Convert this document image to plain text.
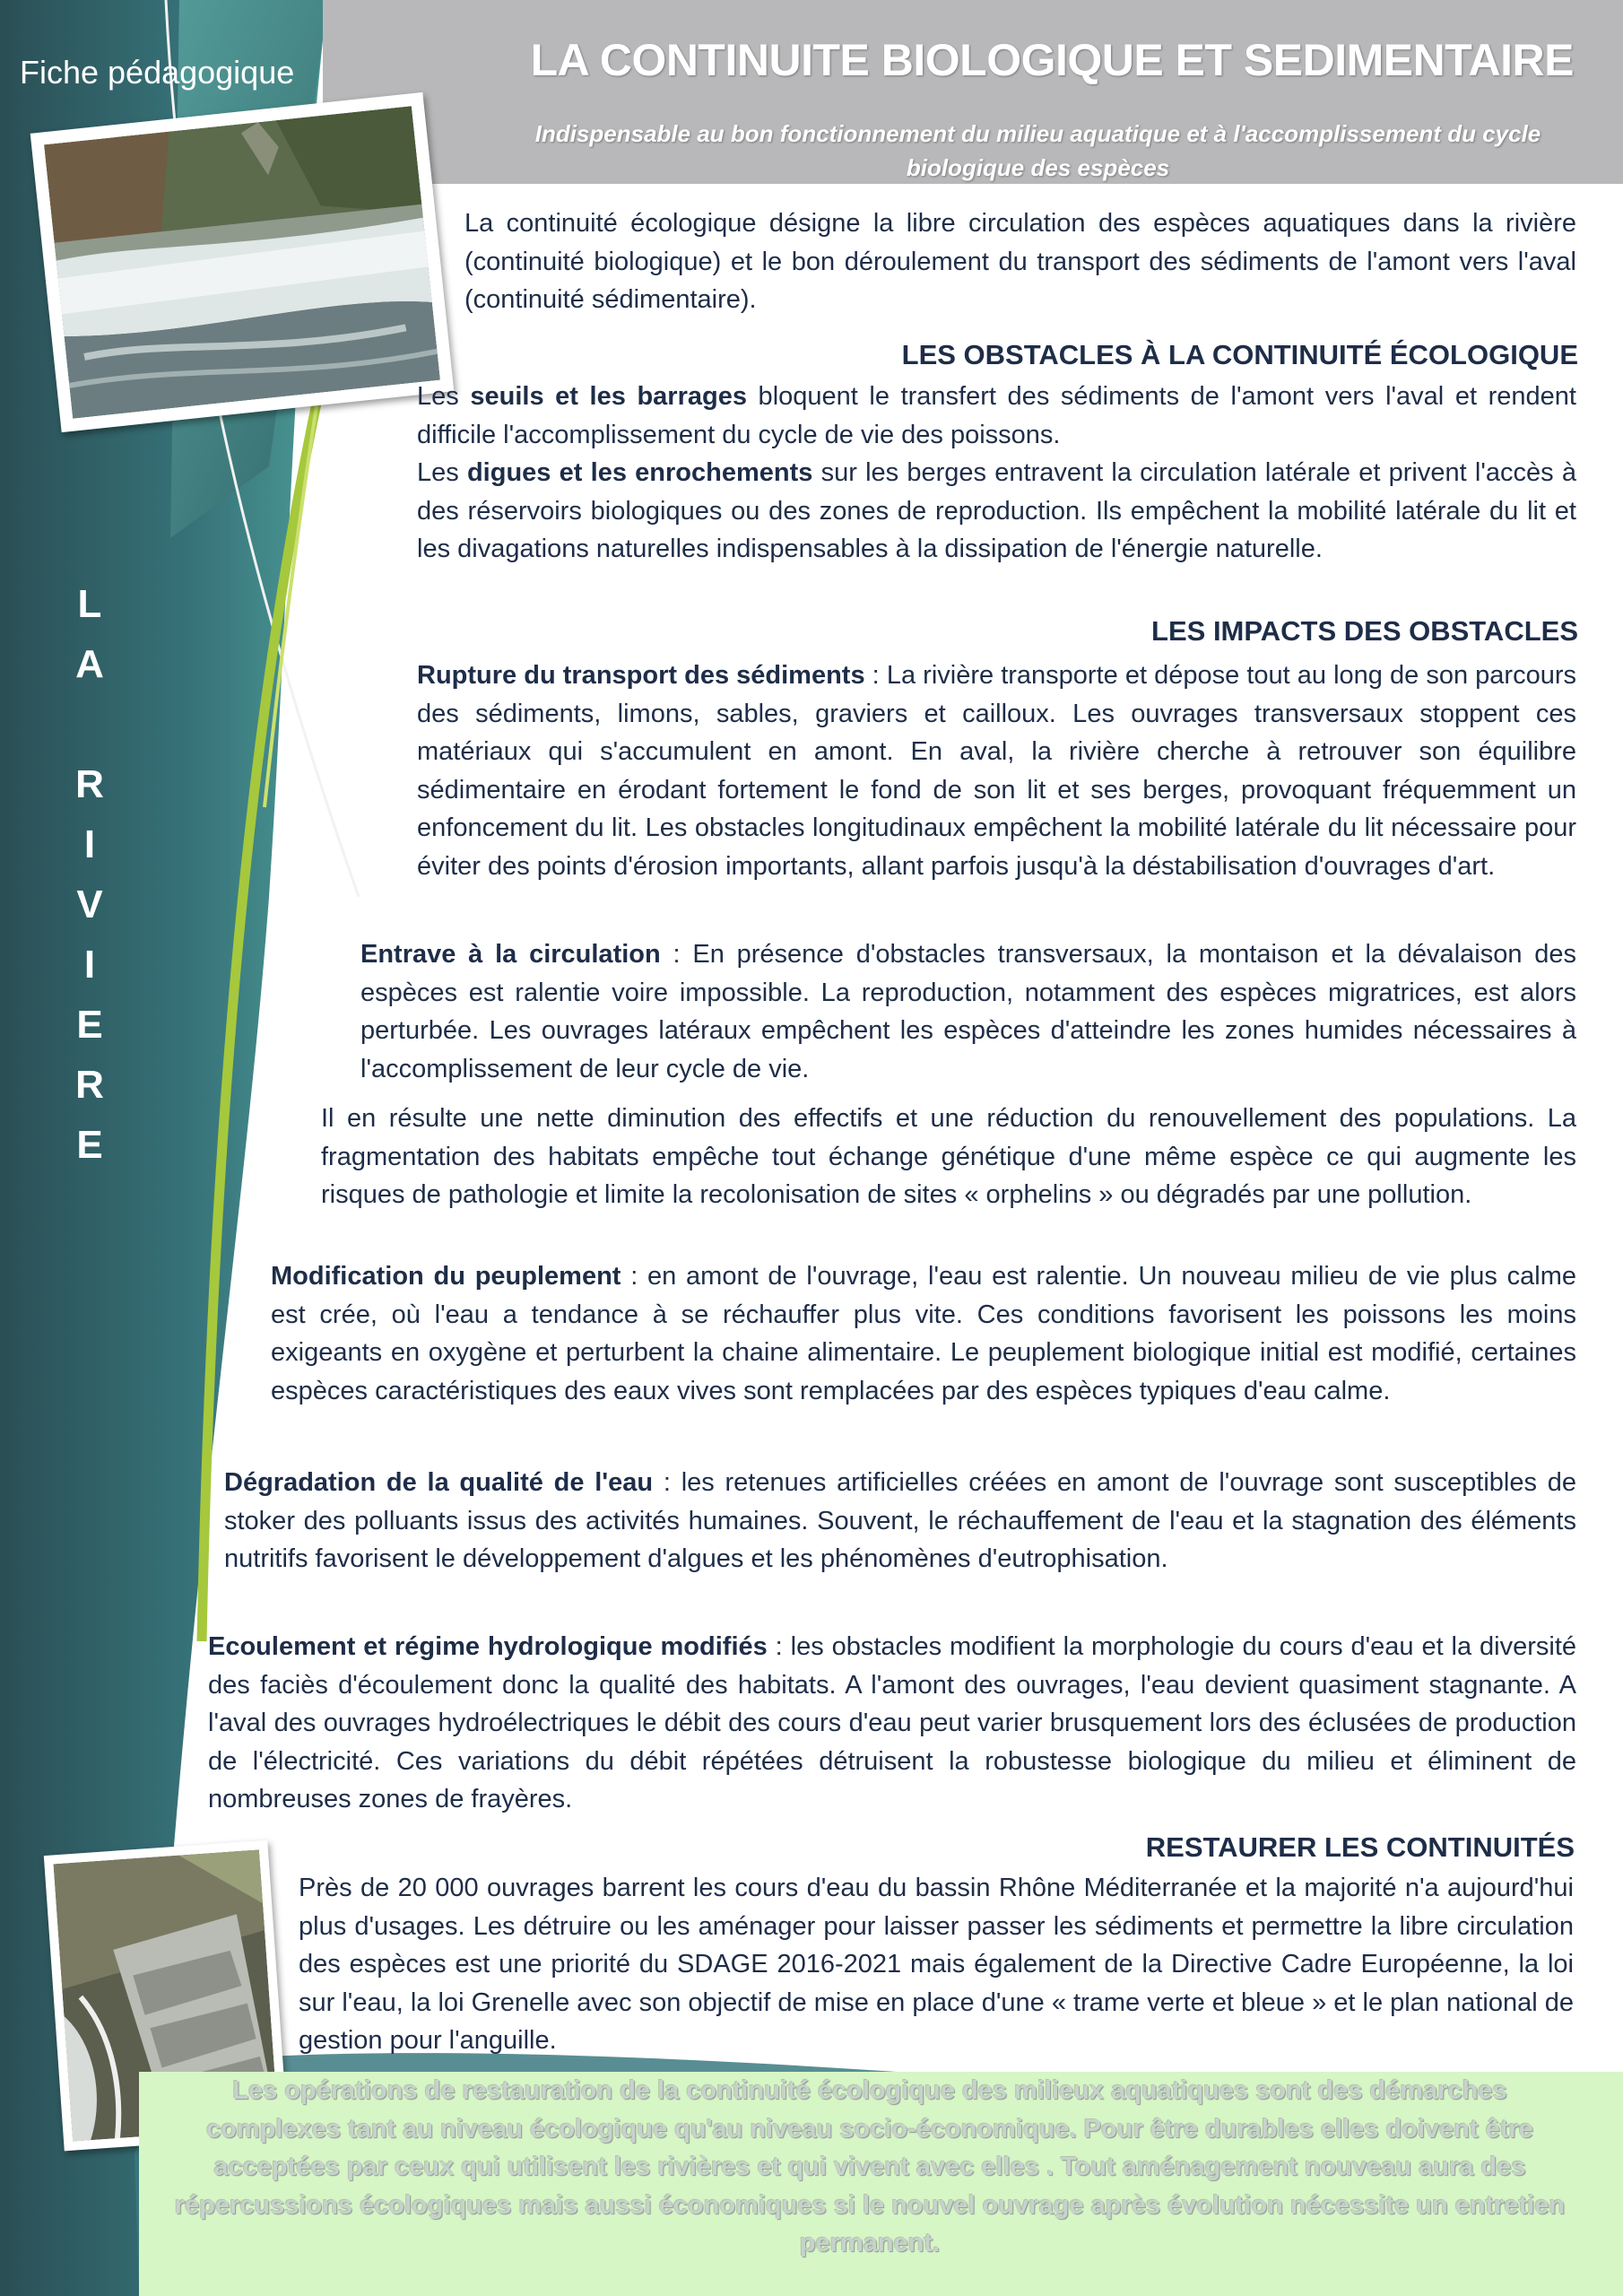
Fiche pédagogique
L
A
R
I
V
I
E
R
E
LA CONTINUITE BIOLOGIQUE ET SEDIMENTAIRE
Indispensable au bon fonctionnement du milieu aquatique et à l'accomplissement du cycle biologique des espèces

La continuité écologique désigne la libre circulation des espèces aquatiques dans la rivière (continuité biologique) et le bon déroulement du transport des sédiments de l'amont vers l'aval (continuité sédimentaire).

LES OBSTACLES À LA CONTINUITÉ ÉCOLOGIQUE

Les seuils et les barrages bloquent le transfert des sédiments de l'amont vers l'aval et rendent difficile l'accomplissement du cycle de vie des poissons.

Les digues et les enrochements sur les berges entravent la circulation latérale et privent l'accès à des réservoirs biologiques ou des zones de reproduction. Ils empêchent la mobilité latérale du lit et les divagations naturelles indispensables à la dissipation de l'énergie naturelle.

LES IMPACTS DES OBSTACLES

Rupture du transport des sédiments : La rivière transporte et dépose tout au long de son parcours des sédiments, limons, sables, graviers et cailloux. Les ouvrages transversaux stoppent ces matériaux qui s'accumulent en amont. En aval, la rivière cherche à retrouver son équilibre sédimentaire en érodant fortement le fond de son lit et ses berges, provoquant fréquemment un enfoncement du lit. Les obstacles longitudinaux empêchent la mobilité latérale du lit nécessaire pour éviter des points d'érosion importants, allant parfois jusqu'à la déstabilisation d'ouvrages d'art.

Entrave à la circulation : En présence d'obstacles transversaux, la montaison et la dévalaison des espèces est ralentie voire impossible. La reproduction, notamment des espèces migratrices, est alors perturbée. Les ouvrages latéraux empêchent les espèces d'atteindre les zones humides nécessaires à l'accomplissement de leur cycle de vie.

Il en résulte une nette diminution des effectifs et une réduction du renouvellement des populations. La fragmentation des habitats empêche tout échange génétique d'une même espèce ce qui augmente les risques de pathologie et limite la recolonisation de sites « orphelins » ou dégradés par une pollution.

Modification du peuplement : en amont de l'ouvrage, l'eau est ralentie. Un nouveau milieu de vie plus calme est crée, où l'eau a tendance à se réchauffer plus vite. Ces conditions favorisent les poissons les moins exigeants en oxygène et perturbent la chaine alimentaire. Le peuplement biologique initial est modifié, certaines espèces caractéristiques des eaux vives sont remplacées par des espèces typiques d'eau calme.

Dégradation de la qualité de l'eau : les retenues artificielles créées en amont de l'ouvrage sont susceptibles de stoker des polluants issus des activités humaines. Souvent, le réchauffement de l'eau et la stagnation des éléments nutritifs favorisent le développement d'algues et les phénomènes d'eutrophisation.

Ecoulement et régime hydrologique modifiés : les obstacles modifient la morphologie du cours d'eau et la diversité des faciès d'écoulement donc la qualité des habitats. A l'amont des ouvrages, l'eau devient quasiment stagnante. A l'aval des ouvrages hydroélectriques le débit des cours d'eau peut varier brusquement lors des éclusées de production de l'électricité. Ces variations du débit répétées détruisent la robustesse biologique du milieu et éliminent de nombreuses zones de frayères.

RESTAURER LES CONTINUITÉS

Près de 20 000 ouvrages barrent les cours d'eau du bassin Rhône Méditerranée et la majorité n'a aujourd'hui plus d'usages. Les détruire ou les aménager pour laisser passer les sédiments et permettre la libre circulation des espèces est une priorité du SDAGE 2016-2021 mais également de la Directive Cadre Européenne, la loi sur l'eau, la loi Grenelle avec son objectif de mise en place d'une « trame verte et bleue » et le plan national de gestion pour l'anguille.

Les opérations de restauration de la continuité écologique des milieux aquatiques sont des démarches complexes tant au niveau écologique qu'au niveau socio-économique. Pour être durables elles doivent être acceptées par ceux qui utilisent les rivières et qui vivent avec elles . Tout aménagement nouveau aura des répercussions écologiques mais aussi économiques si le nouvel ouvrage après évolution nécessite un entretien permanent.
